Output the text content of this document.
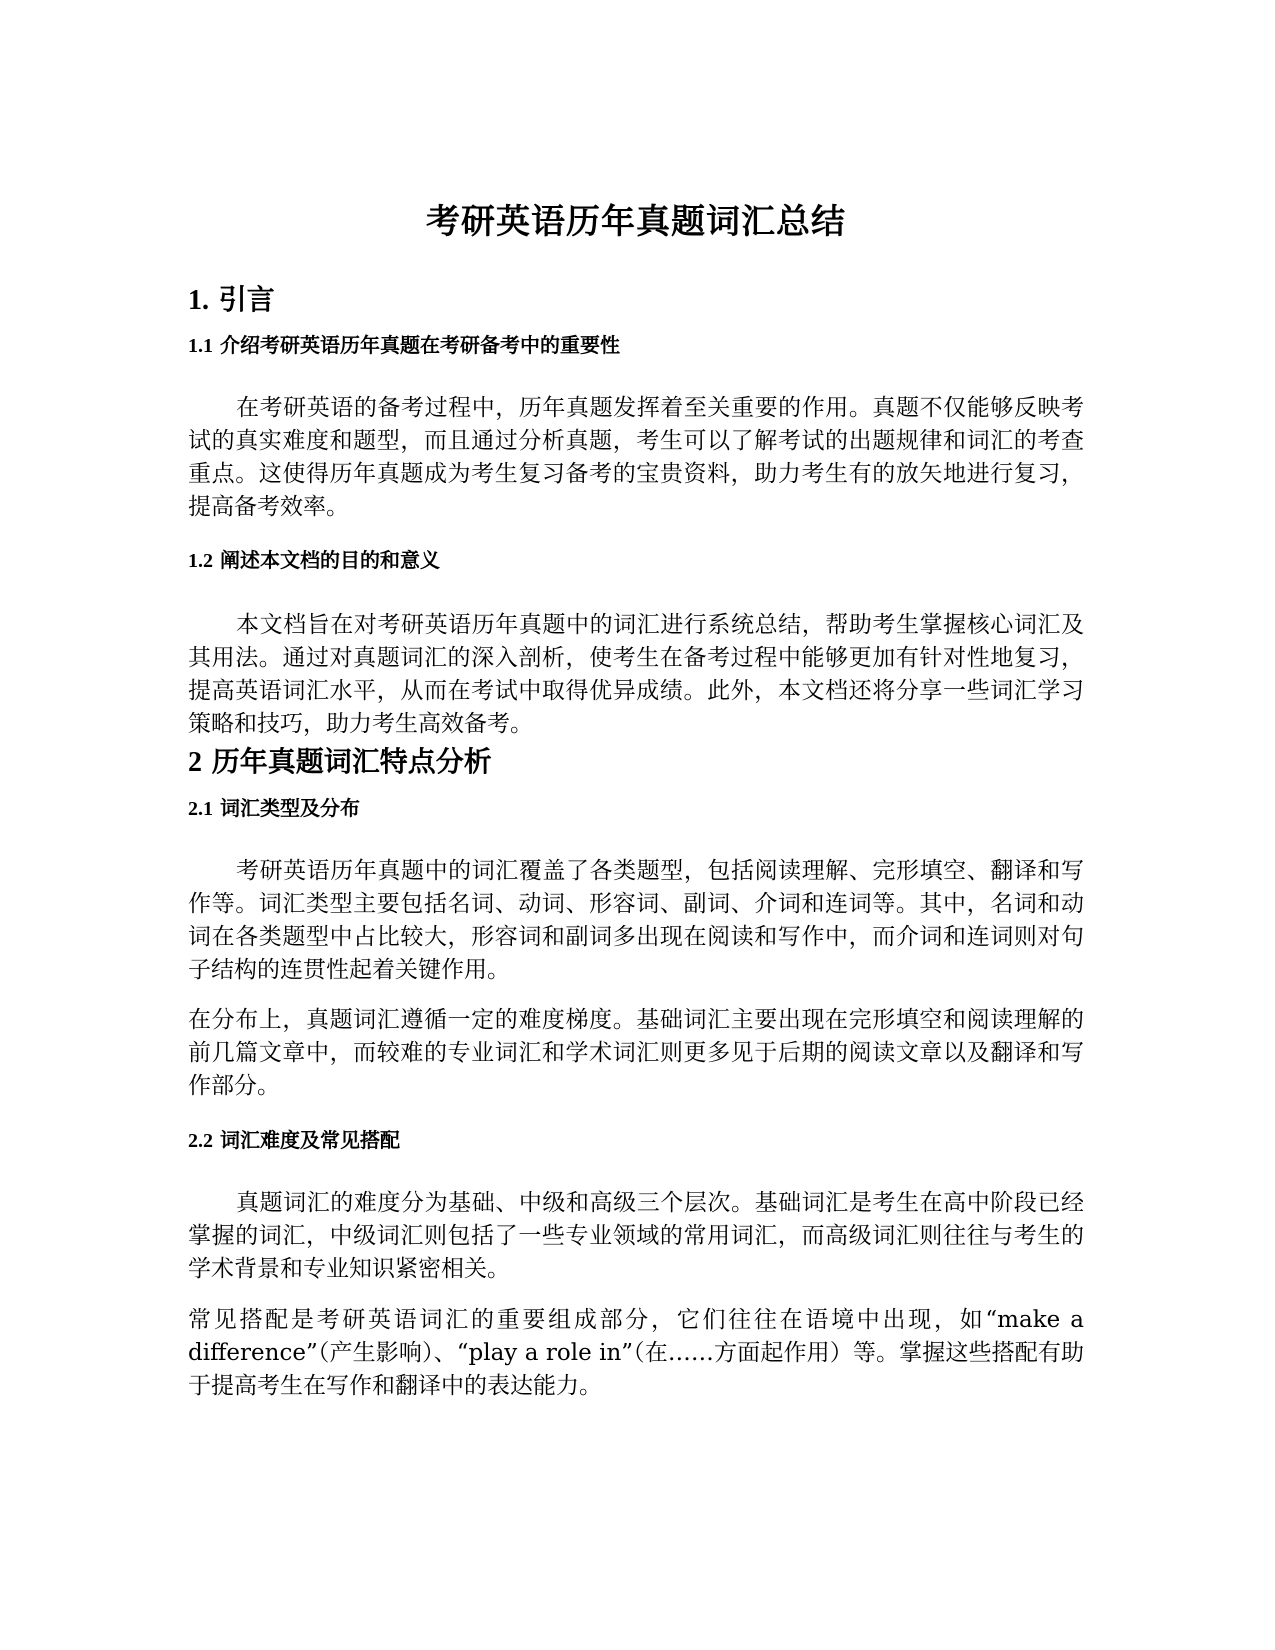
考研英语历年真题词汇总结
1. 引言
1.1 介绍考研英语历年真题在考研备考中的重要性

在考研英语的备考过程中，历年真题发挥着至关重要的作用。真题不仅能够反映考试的真实难度和题型，而且通过分析真题，考生可以了解考试的出题规律和词汇的考查重点。这使得历年真题成为考生复习备考的宝贵资料，助力考生有的放矢地进行复习，提高备考效率。

1.2 阐述本文档的目的和意义

本文档旨在对考研英语历年真题中的词汇进行系统总结，帮助考生掌握核心词汇及其用法。通过对真题词汇的深入剖析，使考生在备考过程中能够更加有针对性地复习，提高英语词汇水平，从而在考试中取得优异成绩。此外，本文档还将分享一些词汇学习策略和技巧，助力考生高效备考。

2 历年真题词汇特点分析
2.1 词汇类型及分布

考研英语历年真题中的词汇覆盖了各类题型，包括阅读理解、完形填空、翻译和写作等。词汇类型主要包括名词、动词、形容词、副词、介词和连词等。其中，名词和动词在各类题型中占比较大，形容词和副词多出现在阅读和写作中，而介词和连词则对句子结构的连贯性起着关键作用。

在分布上，真题词汇遵循一定的难度梯度。基础词汇主要出现在完形填空和阅读理解的前几篇文章中，而较难的专业词汇和学术词汇则更多见于后期的阅读文章以及翻译和写作部分。

2.2 词汇难度及常见搭配

真题词汇的难度分为基础、中级和高级三个层次。基础词汇是考生在高中阶段已经掌握的词汇，中级词汇则包括了一些专业领域的常用词汇，而高级词汇则往往与考生的学术背景和专业知识紧密相关。

常见搭配是考研英语词汇的重要组成部分，它们往往在语境中出现，如“make a difference”（产生影响）、“play a role in”（在……方面起作用）等。掌握这些搭配有助于提高考生在写作和翻译中的表达能力。
